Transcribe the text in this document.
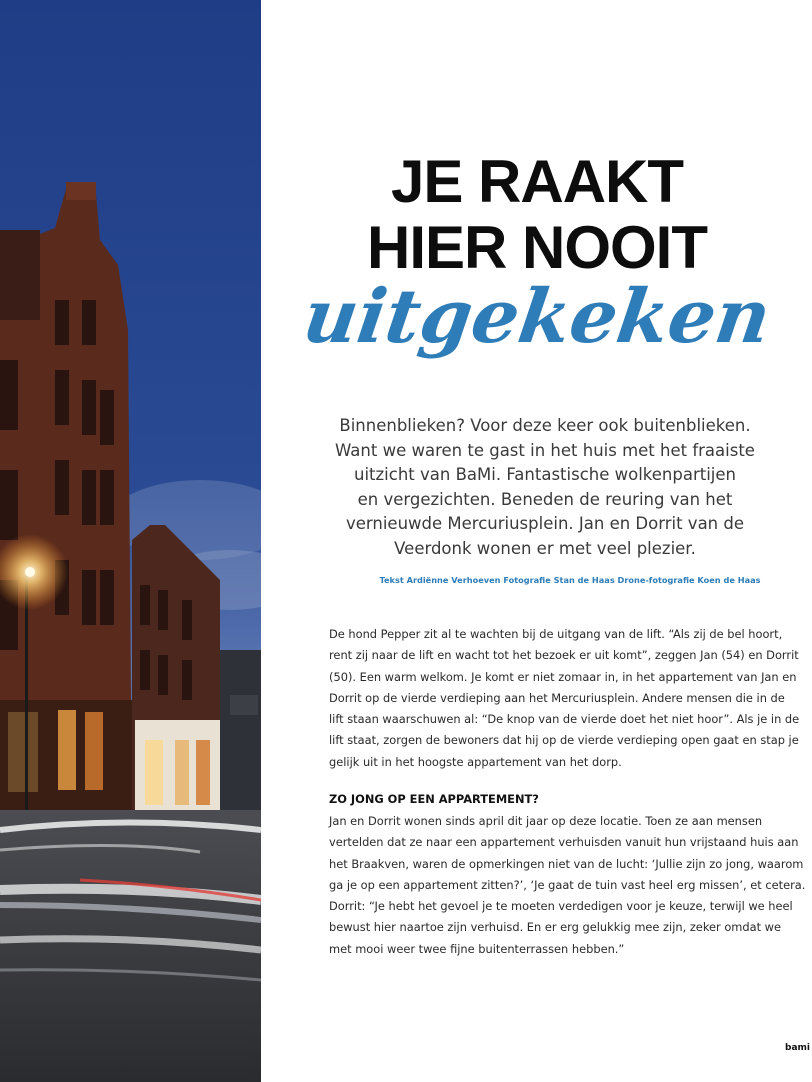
JE RAAKT
HIER NOOIT
uitgekeken

Binnenblieken? Voor deze keer ook buitenblieken.
Want we waren te gast in het huis met het fraaiste
uitzicht van BaMi. Fantastische wolkenpartijen
en vergezichten. Beneden de reuring van het
vernieuwde Mercuriusplein. Jan en Dorrit van de
Veerdonk wonen er met veel plezier.

Tekst Ardiënne Verhoeven Fotografie Stan de Haas Drone-fotografie Koen de Haas

De hond Pepper zit al te wachten bij de uitgang van de lift. “Als zij de bel hoort,
rent zij naar de lift en wacht tot het bezoek er uit komt”, zeggen Jan (54) en Dorrit
(50). Een warm welkom. Je komt er niet zomaar in, in het appartement van Jan en
Dorrit op de vierde verdieping aan het Mercuriusplein. Andere mensen die in de
lift staan waarschuwen al: “De knop van de vierde doet het niet hoor”. Als je in de
lift staat, zorgen de bewoners dat hij op de vierde verdieping open gaat en stap je
gelijk uit in het hoogste appartement van het dorp.

ZO JONG OP EEN APPARTEMENT?

Jan en Dorrit wonen sinds april dit jaar op deze locatie. Toen ze aan mensen
vertelden dat ze naar een appartement verhuisden vanuit hun vrijstaand huis aan
het Braakven, waren de opmerkingen niet van de lucht: ‘Jullie zijn zo jong, waarom
ga je op een appartement zitten?’, ‘Je gaat de tuin vast heel erg missen’, et cetera.
Dorrit: “Je hebt het gevoel je te moeten verdedigen voor je keuze, terwijl we heel
bewust hier naartoe zijn verhuisd. En er erg gelukkig mee zijn, zeker omdat we
met mooi weer twee fijne buitenterrassen hebben.”

bami
